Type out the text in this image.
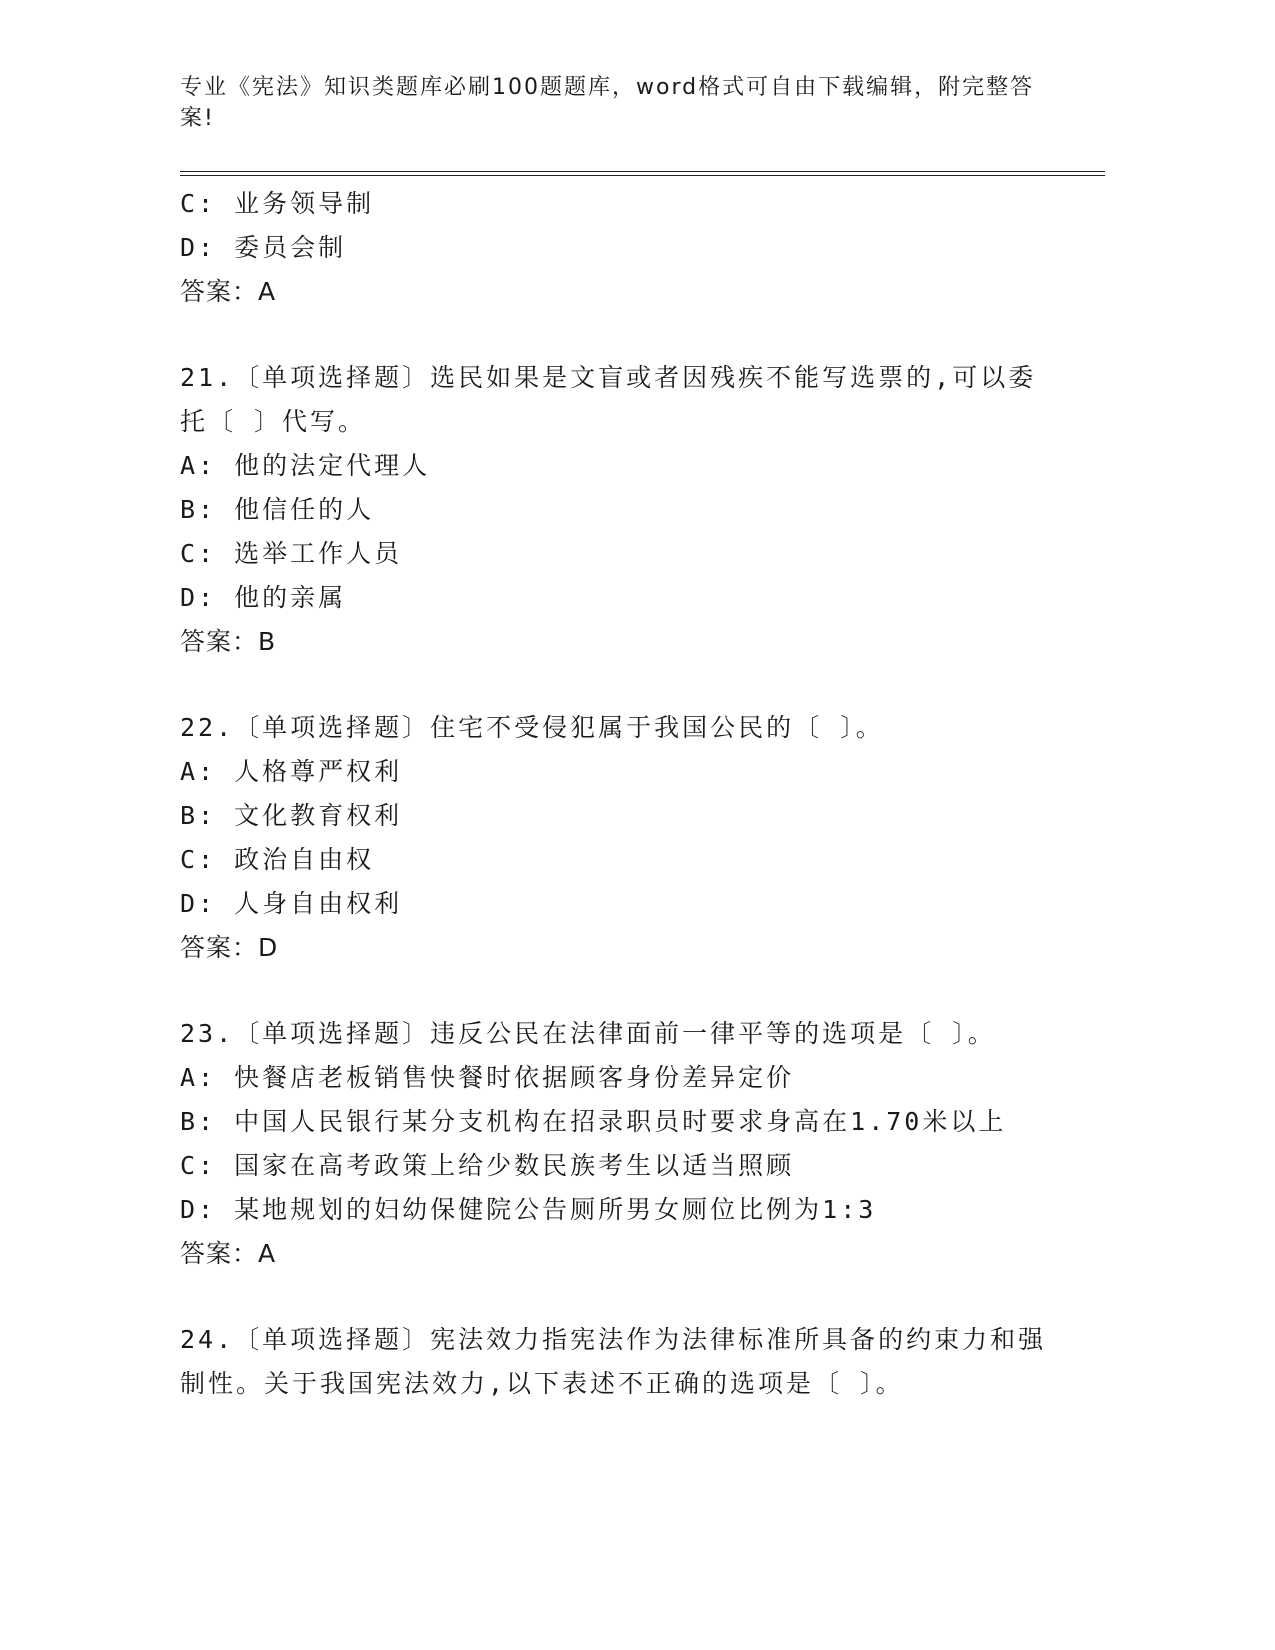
专业《宪法》知识类题库必刷100题题库，word格式可自由下载编辑，附完整答
案!
C: 业务领导制
D: 委员会制
答案：A
21.〔单项选择题〕选民如果是文盲或者因残疾不能写选票的,可以委
托〔 〕代写。
A: 他的法定代理人
B: 他信任的人
C: 选举工作人员
D: 他的亲属
答案：B
22.〔单项选择题〕住宅不受侵犯属于我国公民的〔 〕。
A: 人格尊严权利
B: 文化教育权利
C: 政治自由权
D: 人身自由权利
答案：D
23.〔单项选择题〕违反公民在法律面前一律平等的选项是〔 〕。
A: 快餐店老板销售快餐时依据顾客身份差异定价
B: 中国人民银行某分支机构在招录职员时要求身高在1.70米以上
C: 国家在高考政策上给少数民族考生以适当照顾
D: 某地规划的妇幼保健院公告厕所男女厕位比例为1:3
答案：A
24.〔单项选择题〕宪法效力指宪法作为法律标准所具备的约束力和强
制性。关于我国宪法效力,以下表述不正确的选项是〔 〕。
